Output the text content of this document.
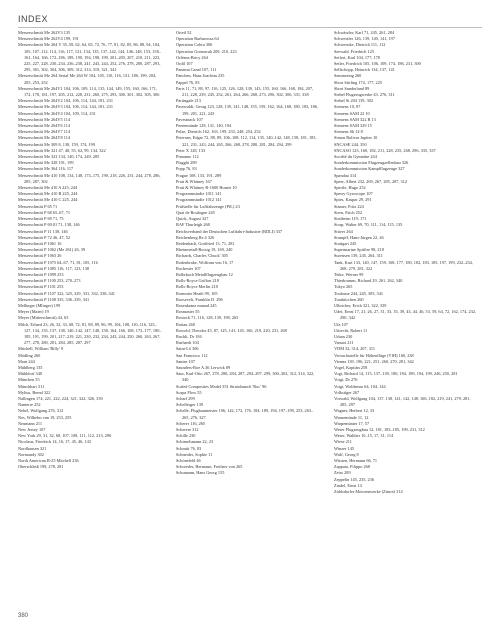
INDEX
Messerschmitt Me 262V3 135
Messerschmitt Me 262V4 199, 191
Messerschmitt Me 264 V 35–58, 62, 64, 65, 72, 76, 77, 81, 82, 85, 86, 88, 94, 104, 105, 107–112, 114, 116, 117, 121, 134, 135, 137–142, 144, 146–148, 153, 158–161, 164, 166, 172–186, 189, 190, 194, 198, 199, 201–205, 207, 210, 211, 223, 225, 227, 228, 230–234, 236–238, 241, 243, 244, 252, 276, 278, 280, 287, 293, 295, 301, 302, 304, 306, 309, 312, 314, 319, 321, 341
Messerschmitt Me 264 Serial Me 264 W 104, 105, 110, 116, 131, 186, 199, 204, 205, 253, 252
Messerschmitt Me 264V1 104, 106, 109, 114, 135, 144, 149, 155, 160, 166, 171, 172, 178, 181, 197, 205, 212, 228, 231, 260, 275, 293, 300, 301, 302, 305, 306
Messerschmitt Me 264V2 104, 106, 114, 144, 181, 231
Messerschmitt Me 264V3 104, 106, 114, 144, 181, 231
Messerschmitt Me 264V4 104, 109, 114, 231
Messerschmitt Me 264V5 114
Messerschmitt Me 264V6 114
Messerschmitt Me 264V7 114
Messerschmitt Me 264V8 114
Messerschmitt Me 309 8, 138, 159, 174, 199
Messerschmitt Me 321 47, 48, 55, 62, 99, 134, 322
Messerschmitt Me 323 134, 140, 174, 249, 285
Messerschmitt Me 328 191, 199
Messerschmitt Me 364 116, 117
Messerschmitt Me 410 108, 134, 148, 173–175, 190, 218, 226, 231, 244, 278, 286, 285, 287, 302
Messerschmitt Me 410 A 225, 244
Messerschmitt Me 410 B 225, 244
Messerschmitt Me 410 C 225, 244
Messerschmitt P 65 71
Messerschmitt P 68 65–67, 71
Messerschmitt P 69 71, 75
Messerschmitt P 69.01 71, 138, 146
Messerschmitt P 11 138, 146
Messerschmitt P 72 46, 47, 52
Messerschmitt P 1061 16
Messerschmitt P 1062 (Me 261) 26, 39
Messerschmitt P 1063 26
Messerschmitt P 1075 64–67, 71, 81, 105, 116
Messerschmitt P 1085 116, 117, 123, 138
Messerschmitt P 1099 253
Messerschmitt P 1100 253, 270–273
Messerschmitt P 1101 253
Messerschmitt P 1107 322, 325, 329, 331, 332, 338–341
Messerschmitt P 1108 335, 336–339, 341
Mellinger (Mlinger) 199
Meyer (Maier) 19
Meyer (Mitterschmitt) 44, 65
Milch, Erhard 23, 26, 32, 33, 68, 72, 81, 88, 89, 96, 99, 104, 108, 110–116, 125–127, 134, 135, 137, 138, 140–142, 147, 148, 158, 164, 166, 168, 173–177, 180–185, 191, 199, 201, 217–219, 221, 230, 232, 234, 243, 244, 250, 260, 263, 267, 277, 278, 280, 281, 284, 285, 287, 297
Mitchell, William 'Billy' 9
Mödling 260
Mont 244
Mühlberg 135
Mühldorf 340
München 55
Münchhart 311
Mylius, Bernd 322
Nallingen 174, 221, 222, 224, 321, 322, 326, 339
Nanterre 252
Nebel, Wolfgang 276, 312
Nes, Wilhelm van 19, 253, 255
Neumann 211
New Jersey 107
New York 29, 31, 32, 68, 107, 108, 111, 112, 213, 296
Nicolaus, Friedrich 14, 16, 17, 45, 46, 143
Nordhausen 321
Normandy 302
North American B-25 Mitchell 236
Oberschleiß 199, 278, 281
Orteil 52
Operation Barbarossa 64
Operation Cobra 306
Operation Gomorrah 209, 210, 223
Orléans-Bricy 264
Ordil 107
Panama Canal 107, 111
Panchen, Hans Joachim 235
Pappel 76, 83
Paris 11, 71, 88, 97, 116, 125, 126, 128, 139, 143, 155, 160, 166, 168, 184, 207, 211, 228, 239, 245, 252, 261, 264, 266, 268, 273, 296, 302, 306, 331, 338
Partingale 213
Pasewaldt, Georg 123, 128, 139, 141, 148, 155, 159, 162, 164, 168, 180, 183, 186, 199, 201, 221, 243
Pavestnack 107
Peenemünde 128, 131, 140, 194
Pelze, Dietrich 162, 163, 199, 233, 248, 254, 252
Petersen, Edgar 72, 88, 89, 106–108, 112, 114, 135, 140–142, 148, 158, 181, 183, 221, 231, 243, 244, 265, 266, 268, 278, 280, 281, 284, 294, 299
Peter X 128, 133
Pimanno 112
Plagghi 289
Popp 76, 83
Prague 108, 133, 191, 289
Pratt & Whitney 167
Pratt & Whitney R-1600 Hornet 10
Programmstudie 1011 141
Programmstudie 1012 141
Prüfstelle für Luftfahrzeuge (PfL) 23
Quai de Boulogne 245
Quick, August 327
RAF Thurleigh 268
Reichsverband der Deutschen Luftfahrt-Industrie (RDLI) 337
Reichenberg Re 4 326
Reidenbach, Gottfried 13, 71, 281
Rheinmetall-Borsig 19, 169, 240
Richards, Charles 'Chuck' 305
Rodenbrake, Wolfram von 16, 17
Rochester 107
Rolhrbach Metallflugzeugbau 12
Rolls-Royce Griffon 218
Rolls-Royce Merlin 218
Rommier Heath 99, 105
Roosevelt, Franklin D. 296
Rosenkranz munad 245
Rosmaster 55
Rostock 71, 116, 128, 139, 198, 265
Rottau 260
Rowold, Theodor 45, 87, 125, 141, 145, 160, 219, 220, 231, 268
Ruchli, Dr 184
Rurhardt 104
Saint-Lô 306
San Francisco 112
Santee 107
Saunders-Roe A.36 Lerwick 89
Saur, Karl-Otto 267, 278, 280, 284, 287, 294–297, 299, 300–302, 312, 314, 322, 340
Scaled Composites Model 351 Stratolaunch 'Roc' 96
Scapa Flow 55
Scharf 299
Schellerger 139
Schelle, Flugbaumeister 106, 142, 172, 176, 184, 189, 194, 197–199, 253, 263–265, 276, 327
Scherer 116, 265
Scherere 312
Schille 230
Schimelsmann 22, 23
Schmitt 76, 83
Schneider, Sophie 11
Schönefeld 46
Schroeder, Hermann, Freiherr von 265
Schumann, Hans Georg 155
Schwärzler, Karl 71, 245, 261, 284
Schweizler 126, 139, 140, 141, 197
Schwencke, Dietrich 111, 112
Seewald, Friedrich 125
Seifert, Karl 104, 177, 178
Seiler, Friedrich 105, 106, 109, 174, 186, 231, 300
Sellschopp, Heinrich 134, 137, 141
Semmering 260
Short Stirling 174, 177, 225
Short Sunderland 89
Siebel Flugzeugwerke 43, 276, 311
Siebel Si 204 139, 302
Siemens 10, 87
Siemens SAM 22 10
Siemens SAM 322 B 13
Siemens SAM 329 15
Siemens Sh 14 8
Simon Bolivar Jupiter 10
SNCASE 244, 350
SNCASO 125, 160, 182, 211, 228, 235, 268, 296, 335, 337
Société du Gymnâse 244
Sonderkommission Flugzeugzellenbau 326
Sonderkommission Kampfflugzeuge 327
Spandau 314
Speer, Albert 232, 269, 267, 285, 287, 312
Sperrle, Hugo 252
Sperry Gyroscope 107
Spies, Kaspar 29, 291
Stamer, Fritz 224
Stern, Erich 252
Stettheim 119, 171
Storp, Walter 69, 70, 111, 114, 115, 135
Stüver 264
Stumpff, Hans-Jürgen 22, 26
Stuttgart 245
Supermarine Spitfire 98, 218
Surensen 139, 245, 264, 311
Tank, Kurt 133, 140, 147, 159, 168, 177, 180, 182, 183, 185, 197, 199, 232–234, 268, 279, 281, 322
Tetke, Werner 99
Thierkramm, Richard 29, 261, 262, 340
Tokyo 265
Toulouse 244, 245, 305, 341
Trauktirchen 260
Ulbricher, Erich 321, 322, 339
Udet, Ernst 17, 21, 26, 27, 31, 33, 35, 39, 43, 44, 46, 53, 59, 64, 72, 162, 174, 232, 290, 342
Ufa 107
Uttrecht, Robert 11
Urban 230
Vanuot 211
VDM 32, 314, 207, 311
Versuchsstelle für Höhenflüge (VfH) 160, 238
Vienna 139, 196, 221, 251, 260, 270, 281, 342
Vogel, Kapitän 258
Vogt, Richard 14, 115, 137–139, 180, 184, 189, 194, 199, 246, 250, 281
Voigt, Dr 276
Voigt, Woldemar 64, 104, 144
Volkstiger 267
Vorwald, Wolfgang 104, 137, 138, 141, 142, 148, 166, 182, 219, 241, 279, 281, 285, 297
Wagner, Herbert 12, 33
Warnemünde 11, 12
Warpemünter 17, 57
Weser Flugzeugbau 12, 181, 183–185, 199, 231, 312
Weser, Walther 10–15, 17, 31, 114
Wiese 211
Winzer 145
Wulf, Georg 8
Wüsten, Hermann 66, 71
Zappata, Filippo 268
Zeiss 289
Zeppelin 145, 235, 236
Zindel, Ernst 14
Zühlsdorfer Motorenwerke (Zimot) 314
380
